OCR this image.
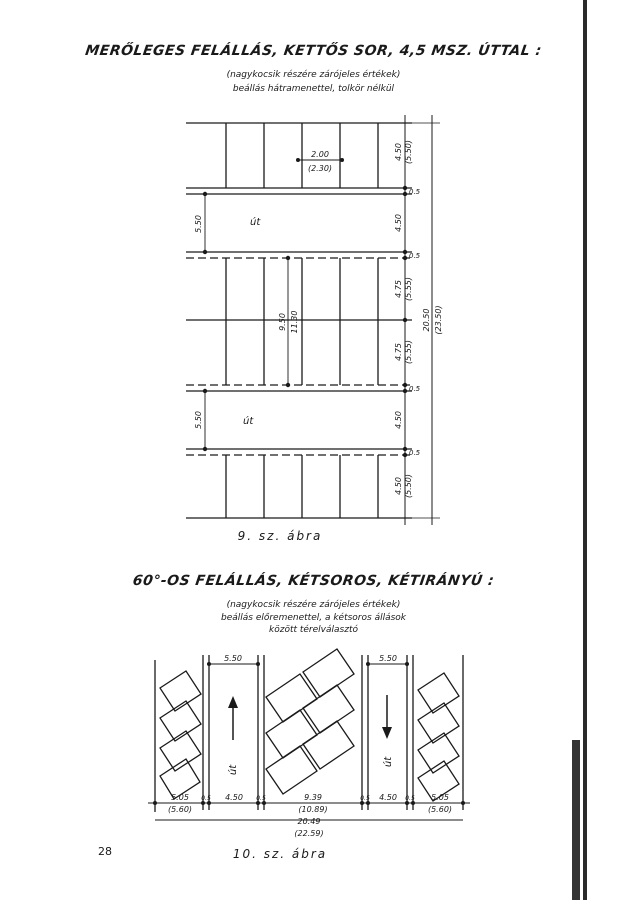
MERŐLEGES FELÁLLÁS, KETTŐS SOR, 4,5 MSZ. ÚTTAL :
(nagykocsik részére zárójeles értékek)
beállás hátramenettel, tolkör nélkül
2.00
(2.30)
út
út
5.50
5.50
9.50 11.30
4.50 (5.50)
0.5
4.50
0.5
4.75 (5.55)
4.75 (5.55)
0.5
4.50
0.5
4.50 (5.50)
20.50 (23.50)
5.50	5.50
út
út
5.05
(5.60)
0.5 4.50 0.5	9.39
(10.89)
0.5 4.50 0.5 5.05
(5.60)
20.49
(22.59)
9. sz. ábra
60°-OS FELÁLLÁS, KÉTSOROS, KÉTIRÁNYÚ :
(nagykocsik részére zárójeles értékek)
beállás előremenettel, a kétsoros állások
között térelválasztó
10. sz. ábra
28
